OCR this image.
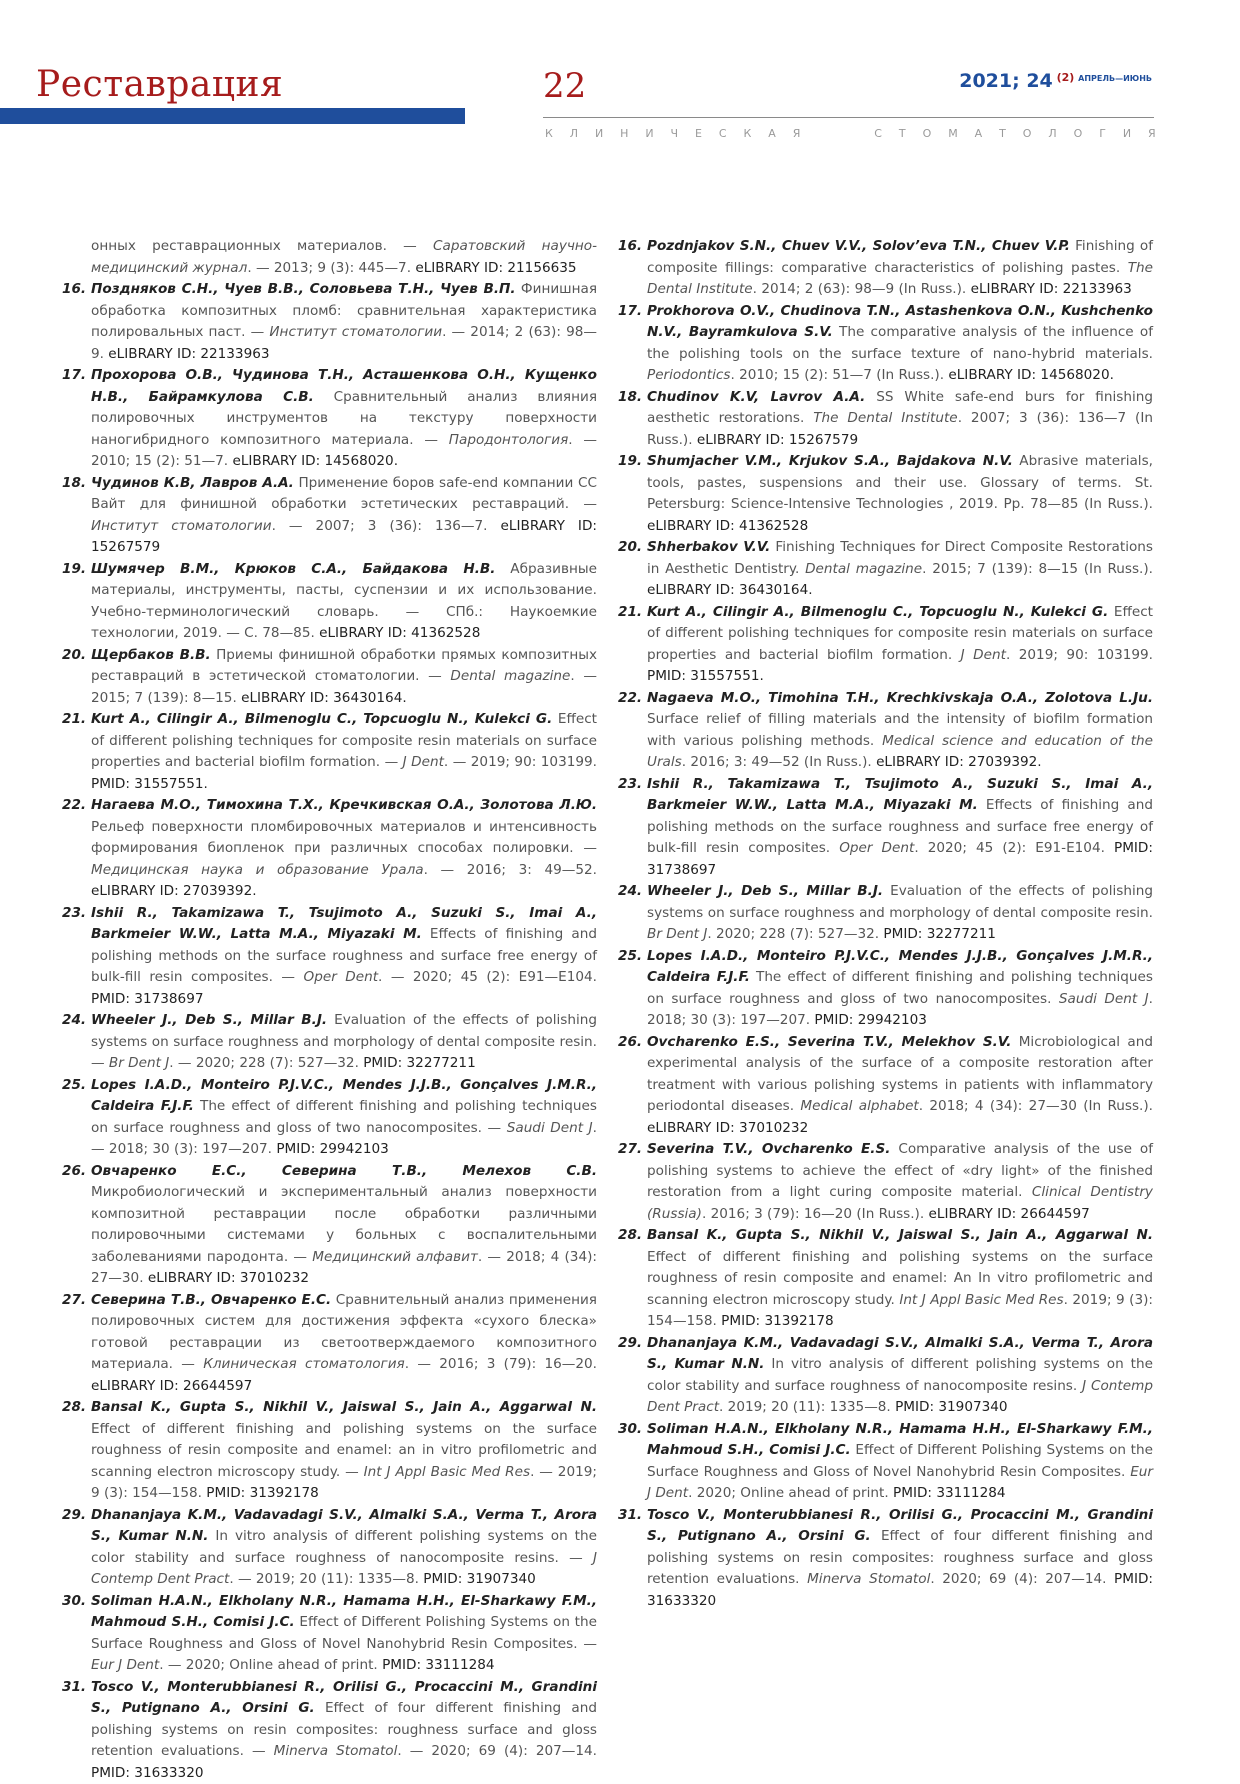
Реставрация	22	2021; 24 $^{(2)}$ $^{АПРЕЛЬ—ИЮНЬ}$
К Л И Н И Ч Е С К А Я	С Т О М А Т О Л О Г И Я

онных реставрационных материалов. — Саратовский научно-медицинский журнал. — 2013; 9 (3): 445—7. eLIBRARY ID: 21156635

16. Поздняков С.Н., Чуев В.В., Соловьева Т.Н., Чуев В.П. Финишная обработка композитных пломб: сравнительная характеристика полировальных паст. — Институт стоматологии. — 2014; 2 (63): 98—9. eLIBRARY ID: 22133963

17. Прохорова О.В., Чудинова Т.Н., Асташенкова О.Н., Кущенко Н.В., Байрамкулова С.В. Сравнительный анализ влияния полировочных инструментов на текстуру поверхности наногибридного композитного материала. — Пародонтология. — 2010; 15 (2): 51—7. eLIBRARY ID: 14568020.

18. Чудинов К.В, Лавров А.А. Применение боров safe-end компании СС Вайт для финишной обработки эстетических реставраций. — Институт стоматологии. — 2007; 3 (36): 136—7. eLIBRARY ID: 15267579

19. Шумячер В.М., Крюков С.А., Байдакова Н.В. Абразивные материалы, инструменты, пасты, суспензии и их использование. Учебно-терминологический словарь. — СПб.: Наукоемкие технологии, 2019. — С. 78—85. eLIBRARY ID: 41362528

20. Щербаков В.В. Приемы финишной обработки прямых композитных реставраций в эстетической стоматологии. — Dental magazine. — 2015; 7 (139): 8—15. eLIBRARY ID: 36430164.

21. Kurt A., Cilingir A., Bilmenoglu C., Topcuoglu N., Kulekci G. Effect of different polishing techniques for composite resin materials on surface properties and bacterial biofilm formation. — J Dent. — 2019; 90: 103199. PMID: 31557551.

22. Нагаева М.О., Тимохина Т.Х., Кречкивская О.А., Золотова Л.Ю. Рельеф поверхности пломбировочных материалов и интенсивность формирования биопленок при различных способах полировки. — Медицинская наука и образование Урала. — 2016; 3: 49—52. eLIBRARY ID: 27039392.

23. Ishii R., Takamizawa T., Tsujimoto A., Suzuki S., Imai A., Barkmeier W.W., Latta M.A., Miyazaki M. Effects of finishing and polishing methods on the surface roughness and surface free energy of bulk-fill resin composites. — Oper Dent. — 2020; 45 (2): E91—E104. PMID: 31738697

24. Wheeler J., Deb S., Millar B.J. Evaluation of the effects of polishing systems on surface roughness and morphology of dental composite resin. — Br Dent J. — 2020; 228 (7): 527—32. PMID: 32277211

25. Lopes I.A.D., Monteiro P.J.V.C., Mendes J.J.B., Gonçalves J.M.R., Caldeira F.J.F. The effect of different finishing and polishing techniques on surface roughness and gloss of two nanocomposites. — Saudi Dent J. — 2018; 30 (3): 197—207. PMID: 29942103

26. Овчаренко Е.С., Северина Т.В., Мелехов С.В. Микробиологический и экспериментальный анализ поверхности композитной реставрации после обработки различными полировочными системами у больных с воспалительными заболеваниями пародонта. — Медицинский алфавит. — 2018; 4 (34): 27—30. eLIBRARY ID: 37010232

27. Северина Т.В., Овчаренко Е.С. Сравнительный анализ применения полировочных систем для достижения эффекта «сухого блеска» готовой реставрации из светоотверждаемого композитного материала. — Клиническая стоматология. — 2016; 3 (79): 16—20. eLIBRARY ID: 26644597

28. Bansal K., Gupta S., Nikhil V., Jaiswal S., Jain A., Aggarwal N. Effect of different finishing and polishing systems on the surface roughness of resin composite and enamel: an in vitro profilometric and scanning electron microscopy study. — Int J Appl Basic Med Res. — 2019; 9 (3): 154—158. PMID: 31392178

29. Dhananjaya K.M., Vadavadagi S.V., Almalki S.A., Verma T., Arora S., Kumar N.N. In vitro analysis of different polishing systems on the color stability and surface roughness of nanocomposite resins. — J Contemp Dent Pract. — 2019; 20 (11): 1335—8. PMID: 31907340

30. Soliman H.A.N., Elkholany N.R., Hamama H.H., El-Sharkawy F.M., Mahmoud S.H., Comisi J.C. Effect of Different Polishing Systems on the Surface Roughness and Gloss of Novel Nanohybrid Resin Composites. — Eur J Dent. — 2020; Online ahead of print. PMID: 33111284

31. Tosco V., Monterubbianesi R., Orilisi G., Procaccini M., Grandini S., Putignano A., Orsini G. Effect of four different finishing and polishing systems on resin composites: roughness surface and gloss retention evaluations. — Minerva Stomatol. — 2020; 69 (4): 207—14. PMID: 31633320

16. Pozdnjakov S.N., Chuev V.V., Solov’eva T.N., Chuev V.P. Finishing of composite fillings: comparative characteristics of polishing pastes. The Dental Institute. 2014; 2 (63): 98—9 (In Russ.). eLIBRARY ID: 22133963

17. Prokhorova O.V., Chudinova T.N., Astashenkova O.N., Kushchenko N.V., Bayramkulova S.V. The comparative analysis of the influence of the polishing tools on the surface texture of nano-hybrid materials. Periodontics. 2010; 15 (2): 51—7 (In Russ.). eLIBRARY ID: 14568020.

18. Chudinov K.V, Lavrov A.A. SS White safe-end burs for finishing aesthetic restorations. The Dental Institute. 2007; 3 (36): 136—7 (In Russ.). eLIBRARY ID: 15267579

19. Shumjacher V.M., Krjukov S.A., Bajdakova N.V. Abrasive materials, tools, pastes, suspensions and their use. Glossary of terms. St. Petersburg: Science-Intensive Technologies , 2019. Pp. 78—85 (In Russ.). eLIBRARY ID: 41362528

20. Shherbakov V.V. Finishing Techniques for Direct Composite Restorations in Aesthetic Dentistry. Dental magazine. 2015; 7 (139): 8—15 (In Russ.). eLIBRARY ID: 36430164.

21. Kurt A., Cilingir A., Bilmenoglu C., Topcuoglu N., Kulekci G. Effect of different polishing techniques for composite resin materials on surface properties and bacterial biofilm formation. J Dent. 2019; 90: 103199. PMID: 31557551.

22. Nagaeva M.O., Timohina T.H., Krechkivskaja O.A., Zolotova L.Ju. Surface relief of filling materials and the intensity of biofilm formation with various polishing methods. Medical science and education of the Urals. 2016; 3: 49—52 (In Russ.). eLIBRARY ID: 27039392.

23. Ishii R., Takamizawa T., Tsujimoto A., Suzuki S., Imai A., Barkmeier W.W., Latta M.A., Miyazaki M. Effects of finishing and polishing methods on the surface roughness and surface free energy of bulk-fill resin composites. Oper Dent. 2020; 45 (2): E91-E104. PMID: 31738697

24. Wheeler J., Deb S., Millar B.J. Evaluation of the effects of polishing systems on surface roughness and morphology of dental composite resin. Br Dent J. 2020; 228 (7): 527—32. PMID: 32277211

25. Lopes I.A.D., Monteiro P.J.V.C., Mendes J.J.B., Gonçalves J.M.R., Caldeira F.J.F. The effect of different finishing and polishing techniques on surface roughness and gloss of two nanocomposites. Saudi Dent J. 2018; 30 (3): 197—207. PMID: 29942103

26. Ovcharenko E.S., Severina T.V., Melekhov S.V. Microbiological and experimental analysis of the surface of a composite restoration after treatment with various polishing systems in patients with inflammatory periodontal diseases. Medical alphabet. 2018; 4 (34): 27—30 (In Russ.). eLIBRARY ID: 37010232

27. Severina T.V., Ovcharenko E.S. Comparative analysis of the use of polishing systems to achieve the effect of «dry light» of the finished restoration from a light curing composite material. Clinical Dentistry (Russia). 2016; 3 (79): 16—20 (In Russ.). eLIBRARY ID: 26644597

28. Bansal K., Gupta S., Nikhil V., Jaiswal S., Jain A., Aggarwal N. Effect of different finishing and polishing systems on the surface roughness of resin composite and enamel: An In vitro profilometric and scanning electron microscopy study. Int J Appl Basic Med Res. 2019; 9 (3): 154—158. PMID: 31392178

29. Dhananjaya K.M., Vadavadagi S.V., Almalki S.A., Verma T., Arora S., Kumar N.N. In vitro analysis of different polishing systems on the color stability and surface roughness of nanocomposite resins. J Contemp Dent Pract. 2019; 20 (11): 1335—8. PMID: 31907340

30. Soliman H.A.N., Elkholany N.R., Hamama H.H., El-Sharkawy F.M., Mahmoud S.H., Comisi J.C. Effect of Different Polishing Systems on the Surface Roughness and Gloss of Novel Nanohybrid Resin Composites. Eur J Dent. 2020; Online ahead of print. PMID: 33111284

31. Tosco V., Monterubbianesi R., Orilisi G., Procaccini M., Grandini S., Putignano A., Orsini G. Effect of four different finishing and polishing systems on resin composites: roughness surface and gloss retention evaluations. Minerva Stomatol. 2020; 69 (4): 207—14. PMID: 31633320
